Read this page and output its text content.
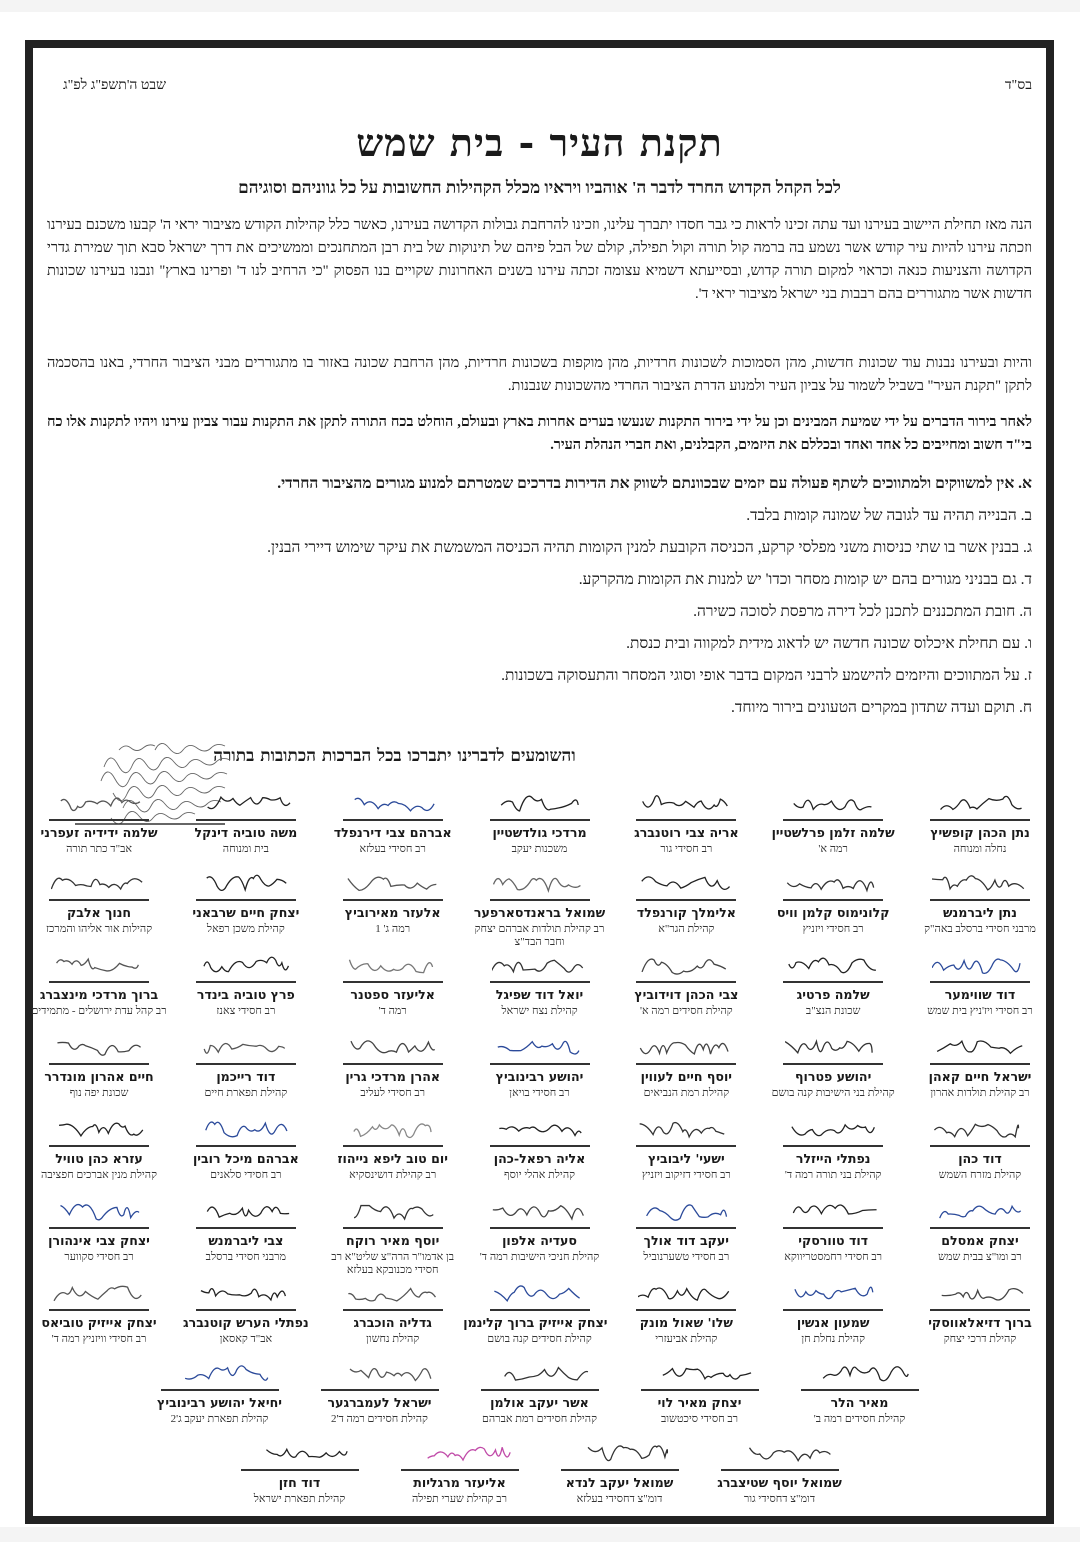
בס"ד
שבט ה'תשפ"ג לפ"ג
תקנת העיר - בית שמש
לכל הקהל הקדוש החרד לדבר ה' אוהביו ויראיו מכלל הקהילות החשובות על כל גווניהם וסוגיהם
הנה מאז תחילת היישוב בעירנו ועד עתה זכינו לראות כי גבר חסדו יתברך עלינו, וזכינו להרחבת גבולות הקדושה בעירנו, כאשר כלל קהילות הקודש מציבור יראי ה' קבעו משכנם בעירנו וזכתה עירנו להיות עיר קודש אשר נשמע בה ברמה קול תורה וקול תפילה, קולם של הבל פיהם של תינוקות של בית רבן המתחנכים וממשיכים את דרך ישראל סבא תוך שמירת גדרי הקדושה והצניעות כנאה וכראוי למקום תורה קדוש, ובסייעתא דשמיא עצומה זכתה עירנו בשנים האחרונות שקויים בנו הפסוק "כי הרחיב לנו ד' ופרינו בארץ" ונבנו בעירנו שכונות חדשות אשר מתגוררים בהם רבבות בני ישראל מציבור יראי ד'.
והיות ובעירנו נבנות עוד שכונות חדשות, מהן הסמוכות לשכונות חרדיות, מהן מוקפות בשכונות חרדיות, מהן הרחבת שכונה באזור בו מתגוררים מבני הציבור החרדי, באנו בהסכמה לתקן "תקנת העיר" בשביל לשמור על צביון העיר ולמנוע הדרת הציבור החרדי מהשכונות שנבנות.
לאחר בירור הדברים על ידי שמיעת המבינים וכן על ידי בירור התקנות שנעשו בערים אחרות בארץ ובעולם, הוחלט בכח התורה לתקן את התקנות עבור צביון עירנו ויהיו לתקנות אלו כח בי"ד חשוב ומחייבים כל אחד ואחד ובכללם את היזמים, הקבלנים, ואת חברי הנהלת העיר.
א. אין למשווקים ולמתווכים לשתף פעולה עם יזמים שבכוונתם לשווק את הדירות בדרכים שמטרתם למנוע מגורים מהציבור החרדי.
ב. הבנייה תהיה עד לגובה של שמונה קומות בלבד.
ג. בבנין אשר בו שתי כניסות משני מפלסי קרקע, הכניסה הקובעת למנין הקומות תהיה הכניסה המשמשת את עיקר שימוש דיירי הבנין.
ד. גם בבניני מגורים בהם יש קומות מסחר וכדו' יש למנות את הקומות מהקרקע.
ה. חובת המתכננים לתכנן לכל דירה מרפסת לסוכה כשירה.
ו. עם תחילת איכלוס שכונה חדשה יש לדאוג מידית למקווה ובית כנסת.
ז. על המתווכים והיזמים להישמע לרבני המקום בדבר אופי וסוגי המסחר והתעסוקה בשכונות.
ח. תוקם ועדה שתדון במקרים הטעונים בירור מיוחד.
והשומעים לדברינו יתברכו בכל הברכות הכתובות בתורה
נתן הכהן קופשיץ
נחלה ומנוחה
שלמה זלמן פרלשטיין
רמה א'
אריה צבי רוטנברג
רב חסידי גור
מרדכי גולדשטיין
משכנות יעקב
אברהם צבי דירנפלד
רב חסידי בעלזא
משה טוביה דינקל
בית ומנוחה
שלמה ידידיה זעפרני
אב"ד כתר תורה
נתן ליברמנש
מרבני חסידי ברסלב באה"ק
קלונימוס קלמן וויס
רב חסידי ויזניץ
אלימלך קורנפלד
קהילת הגר"א
שמואל בראנדסארפער
רב קהילת תולדות אברהם יצחק וחבר הבד"צ
אלעזר מאירוביץ
רמה ג' 1
יצחק חיים שרבאני
קהילת משכן רפאל
חנוך אלבק
קהילות אור אליהו והמרכז
דוד שווימער
רב חסידי ויז'ניץ בית שמש
שלמה פרטיג
שכונת הנצ"ב
צבי הכהן דוידוביץ
קהילת חסידים רמה א'
יואל דוד שפיגל
קהילת נצח ישראל
אליעזר ספטנר
רמה ד'
פרץ טוביה בינדר
רב חסידי צאנז
ברוך מרדכי מינצברג
רב קהל עדת ירושלים - מתמידים
ישראל חיים קאהן
רב קהילת תולדות אהרון
יהושע פטרוף
קהילת בני הישיבות קנה בושם
יוסף חיים לעווין
קהילת רמת הנביאים
יהושע רבינוביץ
רב חסידי בויאן
אהרן מרדכי גרין
רב חסידי לעליב
דוד רייכמן
קהילת תפארת חיים
חיים אהרון מונדרר
שכונת יפה נוף
דוד כהן
קהילת מזרח השמש
נפתלי הייזלר
קהילת בני תורה רמה ד'
ישעי' ליבוביץ
רב חסידי דזיקוב ויזניץ
אליה רפאל-כהן
קהילת אהלי יוסף
יום טוב ליפא נייהוז
רב קהילת דושינסקיא
אברהם מיכל רובין
רב חסידי סלאנים
עזרא כהן טוויל
קהילת מנין אברכים חפציבה
יצחק אמסלם
רב ומו"צ בבית שמש
דוד טוורסקי
רב חסידי רחמסטריווקא
יעקב דוד אולך
רב חסידי טשערנוביל
סעדיה אלפון
קהילת חניכי הישיבות רמה ד'
יוסף מאיר רוקח
בן אדמו"ר הרה"צ שליט"א רב חסידי מכנובקא בעלזא
צבי ליברמנש
מרבני חסידי ברסלב
יצחק צבי אינהורן
רב חסידי סקווער
ברוך דזיאלאווסקי
קהילת דרכי יצחק
שמעון אנשין
קהילת נחלת חן
שלו' שאול מונק
קהילת אביעזרי
יצחק אייזיק ברוך קלינמן
קהילת חסידים קנה בושם
גדליה הוכברג
קהילת נחשון
נפתלי הערש קוטנברג
אב"ד קאסאן
יצחק אייזיק טוביאס
רב חסידי וויזניץ רמה ד'
מאיר הלר
קהילת חסידים רמה ב'
יצחק מאיר לוי
רב חסידי סיכטשוב
אשר יעקב אולמן
קהילת חסידים רמת אברהם
ישראל לעמברגער
קהילת חסידים רמה ד'2
יחיאל יהושע רבינוביץ
קהילת תפארת יעקב ג'2
שמואל יוסף שטיצברג
דומ"צ דחסידי גור
שמואל יעקב לנדא
דומ"צ דחסידי בעלזא
אליעזר מרגליות
רב קהילת שערי תפילה
דוד חזן
קהילת תפארת ישראל
